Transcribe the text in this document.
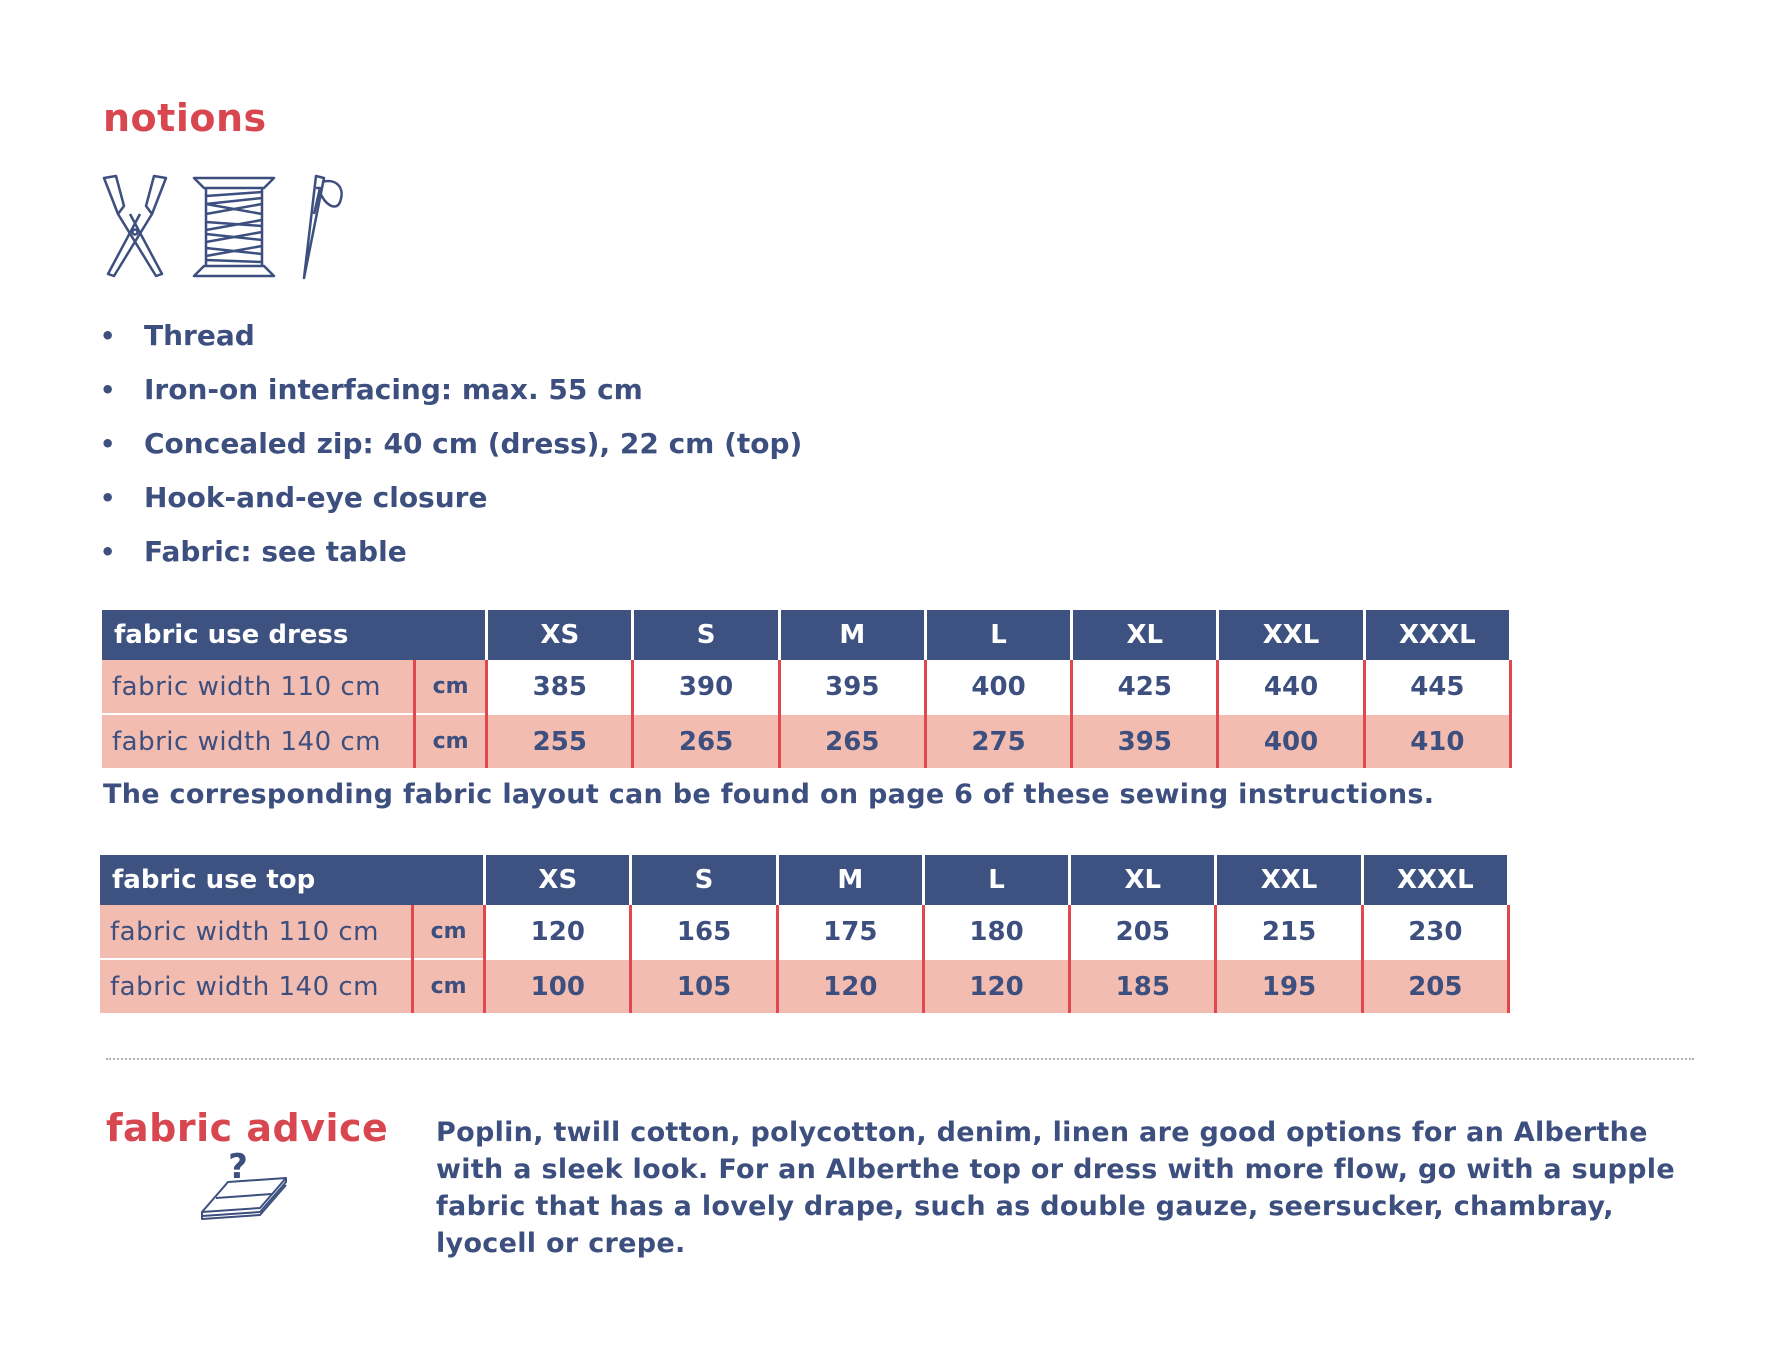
notions
• Thread
• Iron-on interfacing: max. 55 cm
• Concealed zip: 40 cm (dress), 22 cm (top)
• Hook-and-eye closure
• Fabric: see table
fabric use dress		XS	S	M	L	XL	XXL	XXXL
fabric width 110 cm	cm	385	390	395	400	425	440	445
fabric width 140 cm	cm	255	265	265	275	395	400	410
The corresponding fabric layout can be found on page 6 of these sewing instructions.
fabric use top		XS	S	M	L	XL	XXL	XXXL
fabric width 110 cm	cm	120	165	175	180	205	215	230
fabric width 140 cm	cm	100	105	120	120	185	195	205
fabric advice
?
Poplin, twill cotton, polycotton, denim, linen are good options for an Alberthe with a sleek look. For an Alberthe top or dress with more flow, go with a supple fabric that has a lovely drape, such as double gauze, seersucker, chambray, lyocell or crepe.
